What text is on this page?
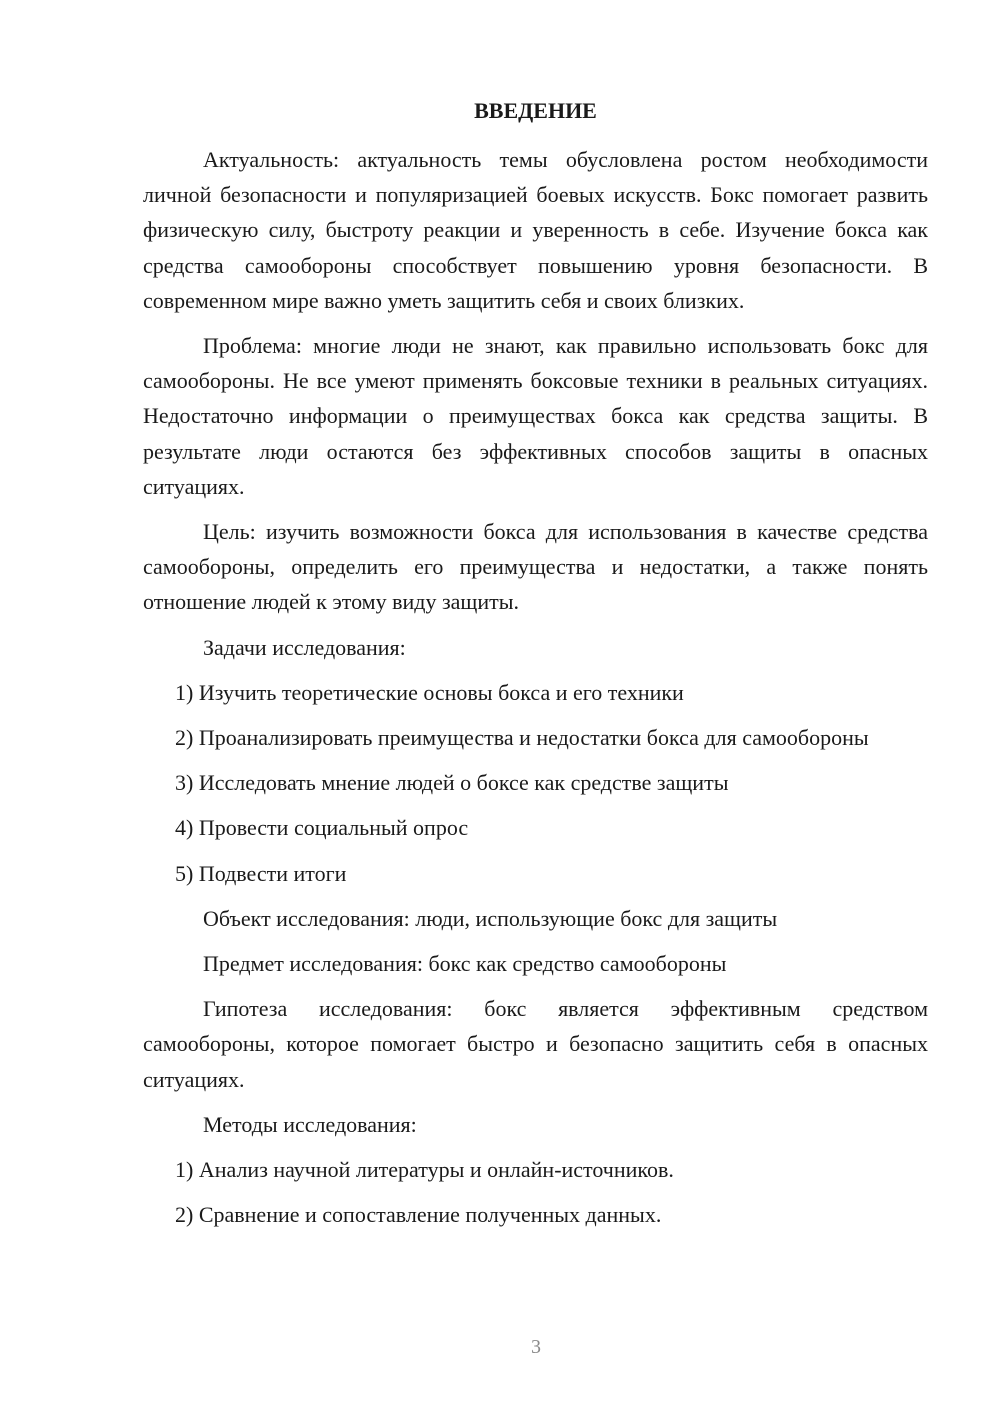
ВВЕДЕНИЕ

Актуальность: актуальность темы обусловлена ростом необходимости личной безопасности и популяризацией боевых искусств. Бокс помогает развить физическую силу, быстроту реакции и уверенность в себе. Изучение бокса как средства самообороны способствует повышению уровня безопасности. В современном мире важно уметь защитить себя и своих близких.

Проблема: многие люди не знают, как правильно использовать бокс для самообороны. Не все умеют применять боксовые техники в реальных ситуациях. Недостаточно информации о преимуществах бокса как средства защиты. В результате люди остаются без эффективных способов защиты в опасных ситуациях.

Цель: изучить возможности бокса для использования в качестве средства самообороны, определить его преимущества и недостатки, а также понять отношение людей к этому виду защиты.

Задачи исследования:
1) Изучить теоретические основы бокса и его техники
2) Проанализировать преимущества и недостатки бокса для самообороны
3) Исследовать мнение людей о боксе как средстве защиты
4) Провести социальный опрос
5) Подвести итоги
Объект исследования: люди, использующие бокс для защиты
Предмет исследования: бокс как средство самообороны

Гипотеза исследования: бокс является эффективным средством самообороны, которое помогает быстро и безопасно защитить себя в опасных ситуациях.

Методы исследования:
1) Анализ научной литературы и онлайн-источников.
2) Сравнение и сопоставление полученных данных.
3
